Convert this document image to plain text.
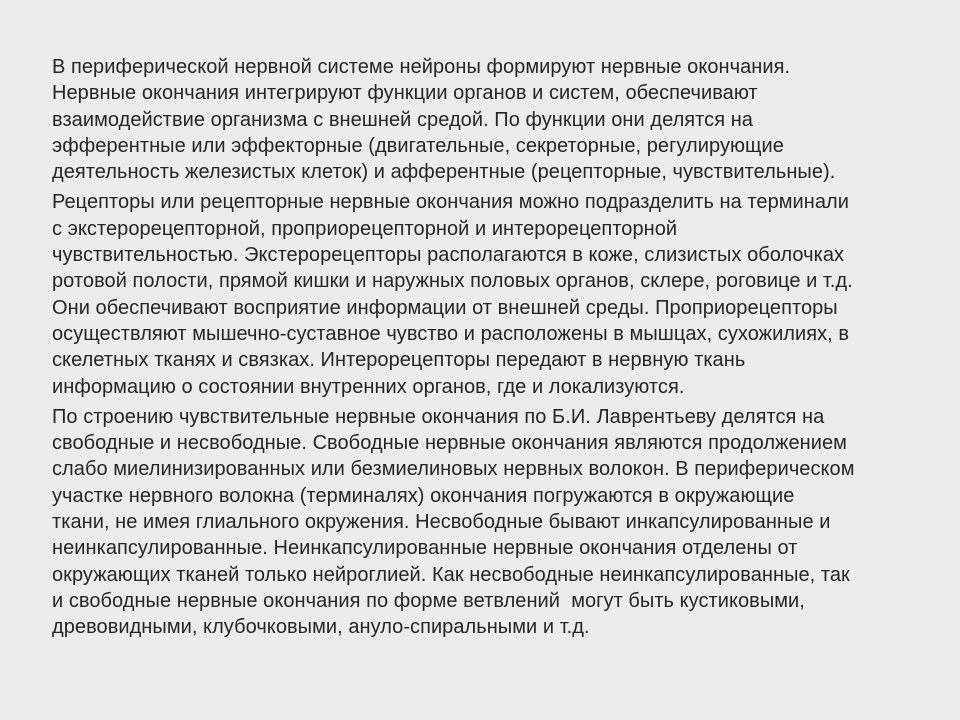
В периферической нервной системе нейроны формируют нервные окончания.
Нервные окончания интегрируют функции органов и систем, обеспечивают
взаимодействие организма с внешней средой. По функции они делятся на
эфферентные или эффекторные (двигательные, секреторные, регулирующие
деятельность железистых клеток) и афферентные (рецепторные, чувствительные).

Рецепторы или рецепторные нервные окончания можно подразделить на терминали
с экстерорецепторной, проприорецепторной и интерорецепторной
чувствительностью. Экстерорецепторы располагаются в коже, слизистых оболочках
ротовой полости, прямой кишки и наружных половых органов, склере, роговице и т.д.
Они обеспечивают восприятие информации от внешней среды. Проприорецепторы
осуществляют мышечно-суставное чувство и расположены в мышцах, сухожилиях, в
скелетных тканях и связках. Интерорецепторы передают в нервную ткань
информацию о состоянии внутренних органов, где и локализуются.

По строению чувствительные нервные окончания по Б.И. Лаврентьеву делятся на
свободные и несвободные. Свободные нервные окончания являются продолжением
слабо миелинизированных или безмиелиновых нервных волокон. В периферическом
участке нервного волокна (терминалях) окончания погружаются в окружающие
ткани, не имея глиального окружения. Несвободные бывают инкапсулированные и
неинкапсулированные. Неинкапсулированные нервные окончания отделены от
окружающих тканей только нейроглией. Как несвободные неинкапсулированные, так
и свободные нервные окончания по форме ветвлений  могут быть кустиковыми,
древовидными, клубочковыми, ануло-спиральными и т.д.
